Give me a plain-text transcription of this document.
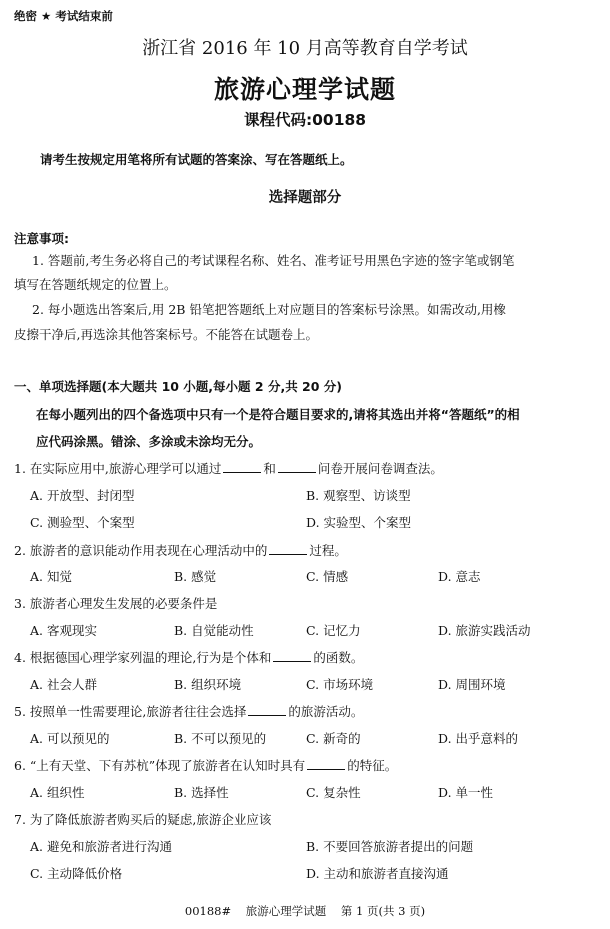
绝密 ★ 考试结束前
浙江省 2016 年 10 月高等教育自学考试
旅游心理学试题
课程代码:00188
请考生按规定用笔将所有试题的答案涂、写在答题纸上。
选择题部分
注意事项:
1. 答题前,考生务必将自己的考试课程名称、姓名、准考证号用黑色字迹的签字笔或钢笔
填写在答题纸规定的位置上。
2. 每小题选出答案后,用 2B 铅笔把答题纸上对应题目的答案标号涂黑。如需改动,用橡
皮擦干净后,再选涂其他答案标号。不能答在试题卷上。
一、单项选择题(本大题共 10 小题,每小题 2 分,共 20 分)
在每小题列出的四个备选项中只有一个是符合题目要求的,请将其选出并将“答题纸”的相
应代码涂黑。错涂、多涂或未涂均无分。
1. 在实际应用中,旅游心理学可以通过	和	问卷开展问卷调查法。
A. 开放型、封闭型	B. 观察型、访谈型
C. 测验型、个案型	D. 实验型、个案型
2. 旅游者的意识能动作用表现在心理活动中的	过程。
A. 知觉	B. 感觉	C. 情感	D. 意志
3. 旅游者心理发生发展的必要条件是
A. 客观现实	B. 自觉能动性	C. 记忆力	D. 旅游实践活动
4. 根据德国心理学家列温的理论,行为是个体和	的函数。
A. 社会人群	B. 组织环境	C. 市场环境	D. 周围环境
5. 按照单一性需要理论,旅游者往往会选择	的旅游活动。
A. 可以预见的	B. 不可以预见的	C. 新奇的	D. 出乎意料的
6. “上有天堂、下有苏杭”体现了旅游者在认知时具有	的特征。
A. 组织性	B. 选择性	C. 复杂性	D. 单一性
7. 为了降低旅游者购买后的疑虑,旅游企业应该
A. 避免和旅游者进行沟通	B. 不要回答旅游者提出的问题
C. 主动降低价格	D. 主动和旅游者直接沟通
00188#    旅游心理学试题    第 1 页(共 3 页)
